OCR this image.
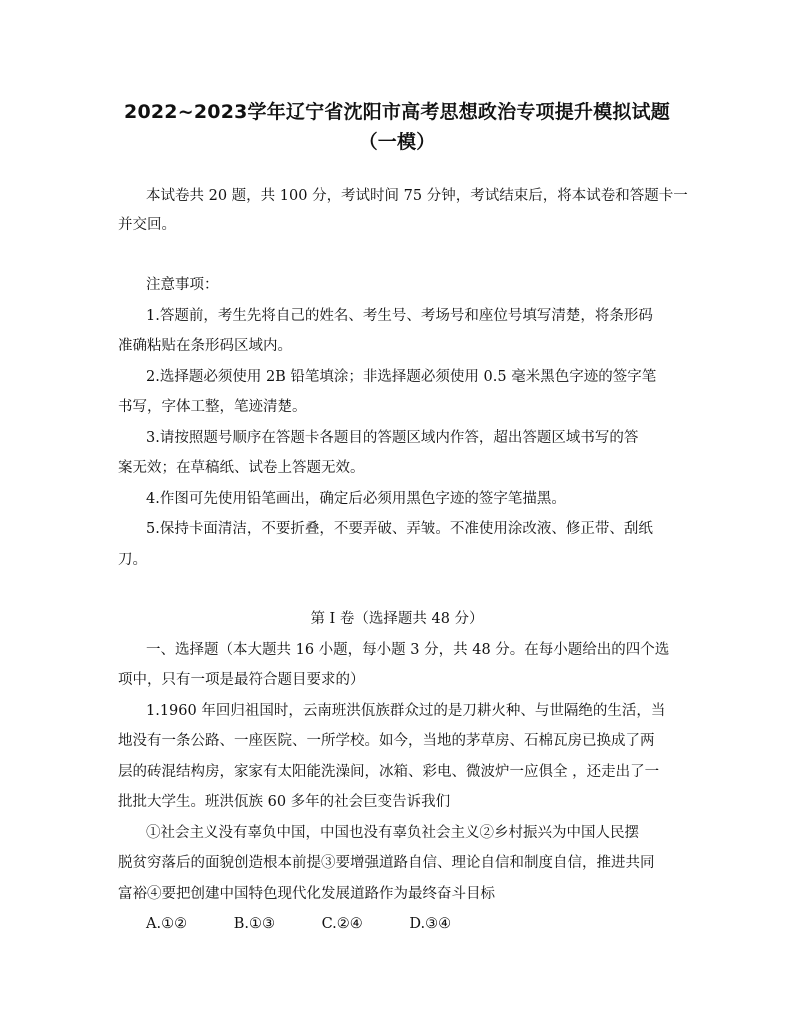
2022~2023学年辽宁省沈阳市高考思想政治专项提升模拟试题
（一模）
本试卷共 20 题，共 100 分，考试时间 75 分钟，考试结束后，将本试卷和答题卡一
并交回。
注意事项：
1.答题前，考生先将自己的姓名、考生号、考场号和座位号填写清楚，将条形码
准确粘贴在条形码区域内。
2.选择题必须使用 2B 铅笔填涂；非选择题必须使用 0.5 毫米黑色字迹的签字笔
书写，字体工整，笔迹清楚。
3.请按照题号顺序在答题卡各题目的答题区域内作答，超出答题区域书写的答
案无效；在草稿纸、试卷上答题无效。
4.作图可先使用铅笔画出，确定后必须用黑色字迹的签字笔描黑。
5.保持卡面清洁，不要折叠，不要弄破、弄皱。不准使用涂改液、修正带、刮纸
刀。
第 I 卷（选择题共 48 分）
一、选择题（本大题共 16 小题，每小题 3 分，共 48 分。在每小题给出的四个选
项中，只有一项是最符合题目要求的）
1.1960 年回归祖国时，云南班洪佤族群众过的是刀耕火种、与世隔绝的生活，当
地没有一条公路、一座医院、一所学校。如今，当地的茅草房、石棉瓦房已换成了两
层的砖混结构房，家家有太阳能洗澡间，冰箱、彩电、微波炉一应俱全 ，还走出了一
批批大学生。班洪佤族 60 多年的社会巨变告诉我们
①社会主义没有辜负中国，中国也没有辜负社会主义②乡村振兴为中国人民摆
脱贫穷落后的面貌创造根本前提③要增强道路自信、理论自信和制度自信，推进共同
富裕④要把创建中国特色现代化发展道路作为最终奋斗目标
A.①②	B.①③	C.②④	D.③④
